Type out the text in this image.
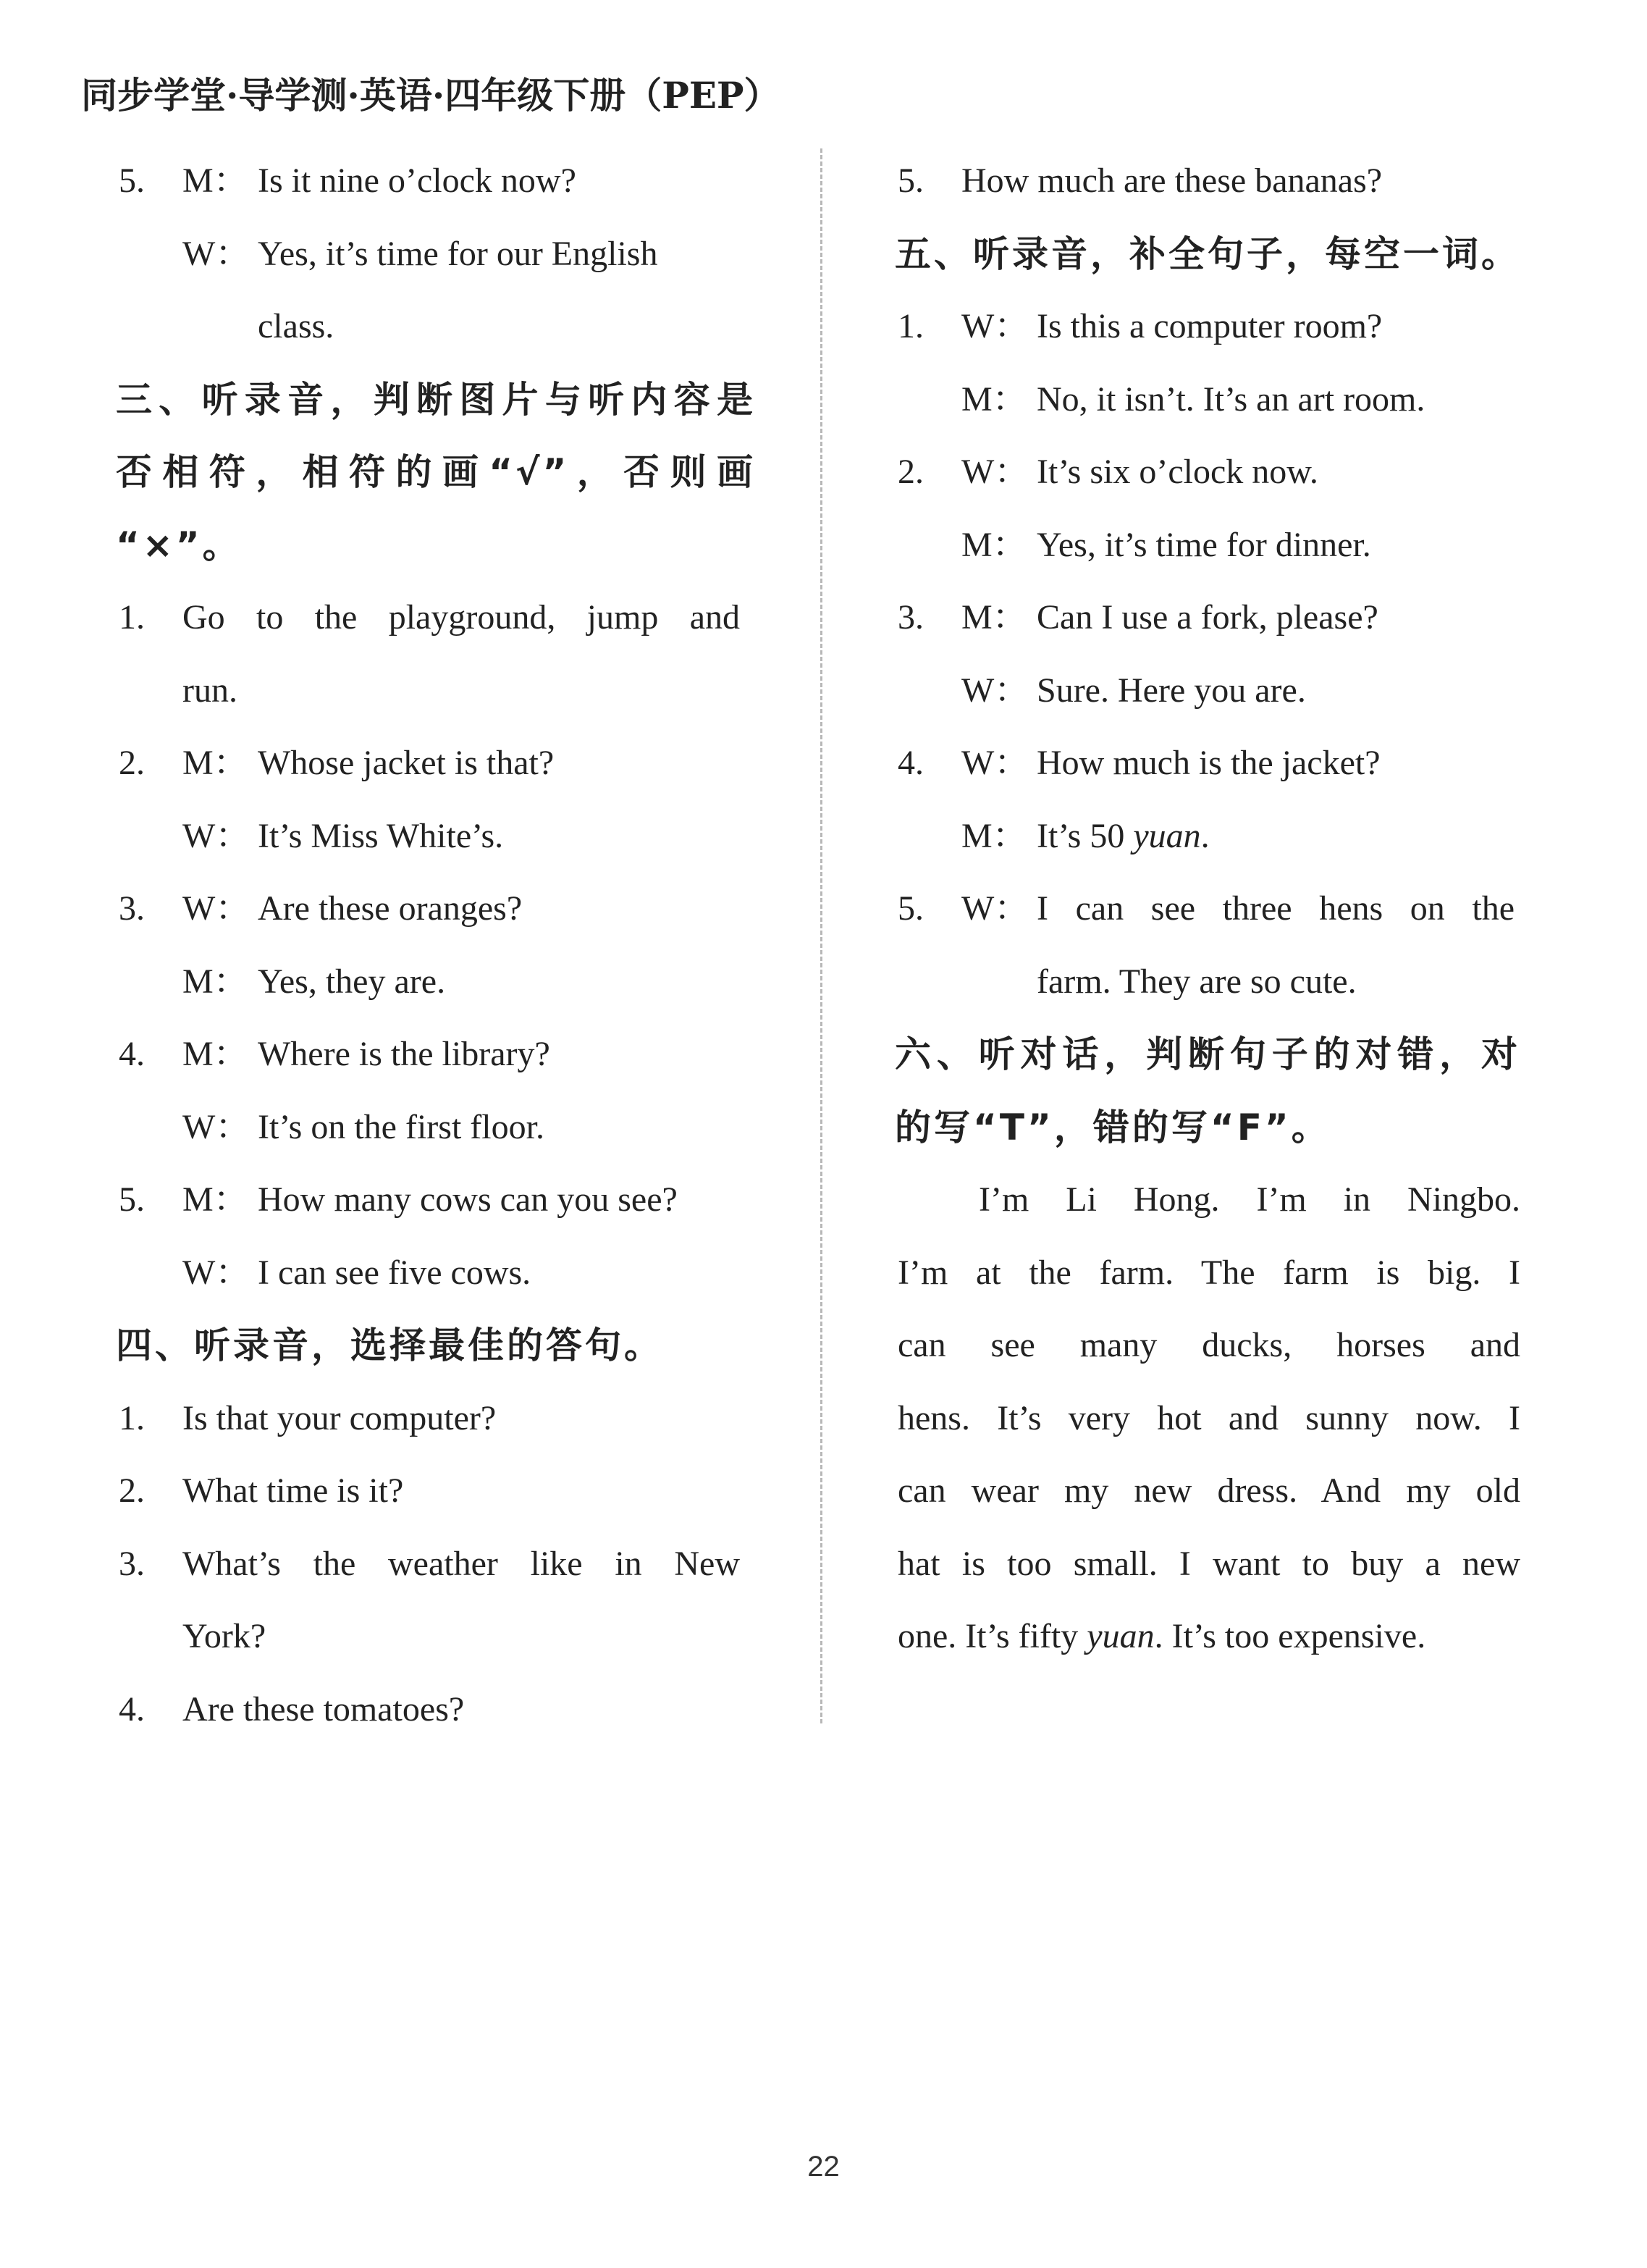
同步学堂·导学测·英语·四年级下册（PEP）
5. M： Is it nine o’clock now?
W： Yes, it’s time for our English
class.
三、听录音，判断图片与听内容是
否相符，相符的画“√”，否则画
“×”。
1. Go to the playground, jump and
run.
2. M： Whose jacket is that?
W： It’s Miss White’s.
3. W： Are these oranges?
M： Yes, they are.
4. M： Where is the library?
W： It’s on the first floor.
5. M： How many cows can you see?
W： I can see five cows.
四、听录音，选择最佳的答句。
1. Is that your computer?
2. What time is it?
3. What’s the weather like in New
York?
4. Are these tomatoes?
5. How much are these bananas?
五、听录音，补全句子，每空一词。
1. W： Is this a computer room?
M： No, it isn’t. It’s an art room.
2. W： It’s six o’clock now.
M： Yes, it’s time for dinner.
3. M： Can I use a fork, please?
W： Sure. Here you are.
4. W： How much is the jacket?
M： It’s 50 yuan.
5. W： I can see three hens on the
farm. They are so cute.
六、听对话，判断句子的对错，对
的写“T”，错的写“F”。
I’m Li Hong. I’m in Ningbo.
I’m at the farm. The farm is big. I
can see many ducks, horses and
hens. It’s very hot and sunny now. I
can wear my new dress. And my old
hat is too small. I want to buy a new
one. It’s fifty yuan. It’s too expensive.
22
